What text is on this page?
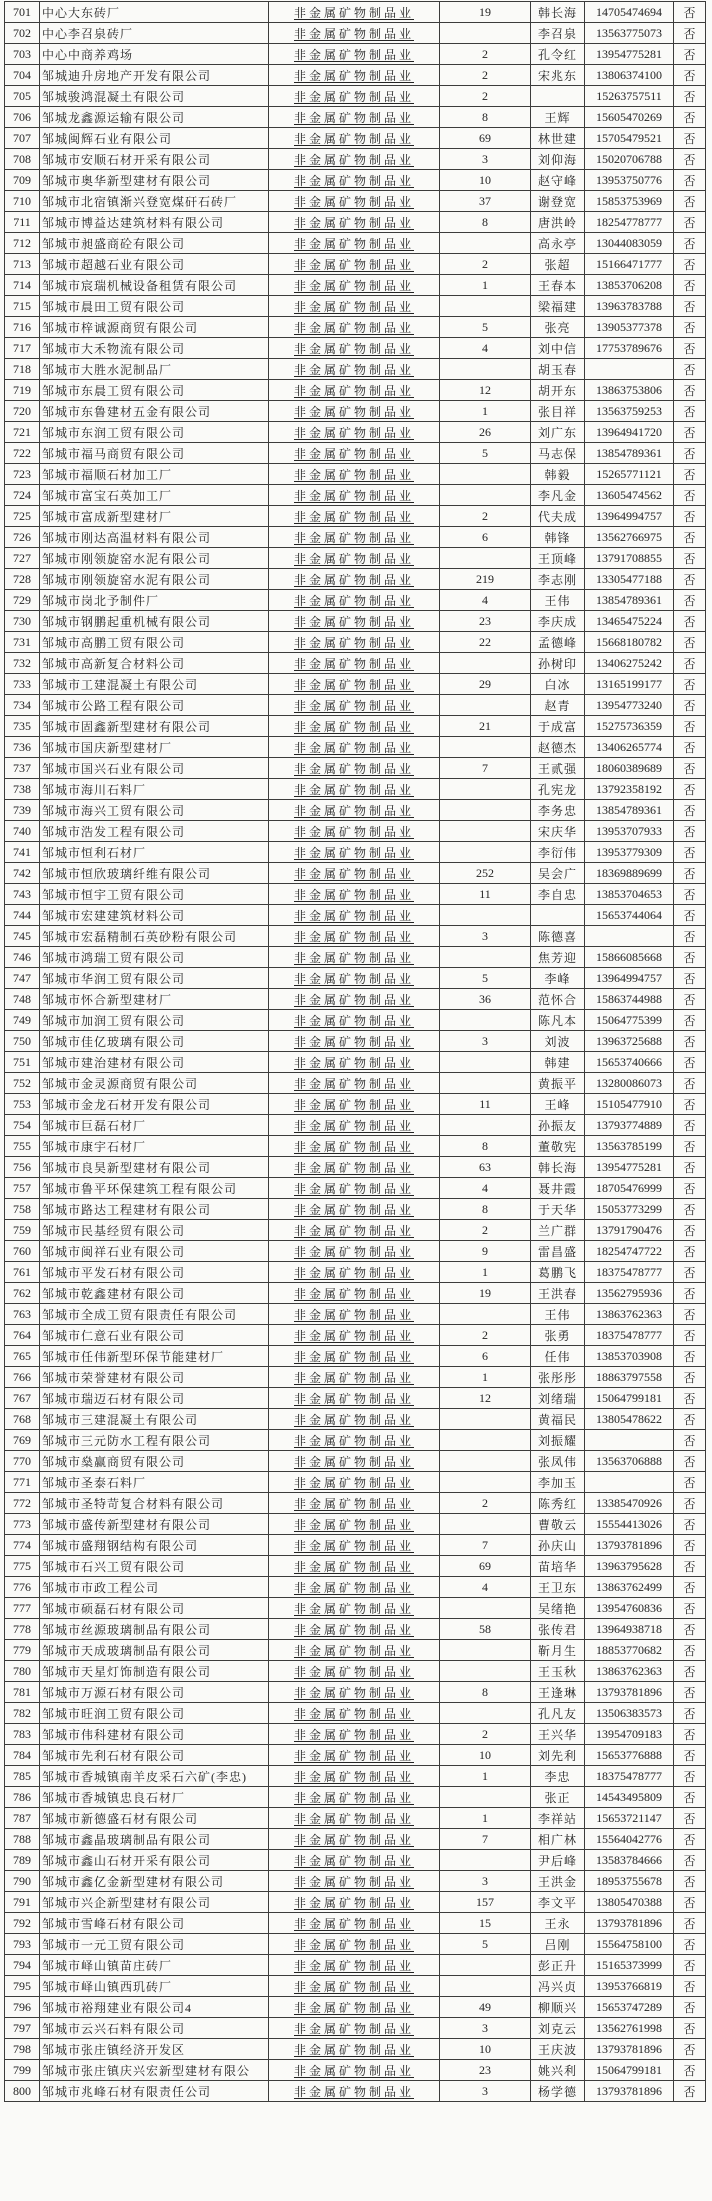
701	中心大东砖厂	非金属矿物制品业	19	韩长海	14705474694	否
702	中心李召泉砖厂	非金属矿物制品业		李召泉	13563775073	否
703	中心中商养鸡场	非金属矿物制品业	2	孔令红	13954775281	否
704	邹城迪升房地产开发有限公司	非金属矿物制品业	2	宋兆东	13806374100	否
705	邹城骏鸿混凝土有限公司	非金属矿物制品业	2		15263757511	否
706	邹城龙鑫源运输有限公司	非金属矿物制品业	8	王辉	15605470269	否
707	邹城闽辉石业有限公司	非金属矿物制品业	69	林世建	15705479521	否
708	邹城市安顺石材开采有限公司	非金属矿物制品业	3	刘仰海	15020706788	否
709	邹城市奥华新型建材有限公司	非金属矿物制品业	10	赵守峰	13953750776	否
710	邹城市北宿镇渐兴登宽煤矸石砖厂	非金属矿物制品业	37	谢登宽	15853753969	否
711	邹城市博益达建筑材料有限公司	非金属矿物制品业	8	唐洪岭	18254778777	否
712	邹城市昶盛商砼有限公司	非金属矿物制品业		高永亭	13044083059	否
713	邹城市超越石业有限公司	非金属矿物制品业	2	张超	15166471777	否
714	邹城市宸瑞机械设备租赁有限公司	非金属矿物制品业	1	王春本	13853706208	否
715	邹城市晨田工贸有限公司	非金属矿物制品业		梁福建	13963783788	否
716	邹城市梓诚源商贸有限公司	非金属矿物制品业	5	张亮	13905377378	否
717	邹城市大禾物流有限公司	非金属矿物制品业	4	刘中信	17753789676	否
718	邹城市大胜水泥制品厂	非金属矿物制品业		胡玉春		否
719	邹城市东晨工贸有限公司	非金属矿物制品业	12	胡开东	13863753806	否
720	邹城市东鲁建材五金有限公司	非金属矿物制品业	1	张目祥	13563759253	否
721	邹城市东润工贸有限公司	非金属矿物制品业	26	刘广东	13964941720	否
722	邹城市福马商贸有限公司	非金属矿物制品业	5	马志保	13854789361	否
723	邹城市福顺石材加工厂	非金属矿物制品业		韩毅	15265771121	否
724	邹城市富宝石英加工厂	非金属矿物制品业		李凡金	13605474562	否
725	邹城市富成新型建材厂	非金属矿物制品业	2	代夫成	13964994757	否
726	邹城市刚达高温材料有限公司	非金属矿物制品业	6	韩锋	13562766975	否
727	邹城市刚领旋窑水泥有限公司	非金属矿物制品业		王顶峰	13791708855	否
728	邹城市刚领旋窑水泥有限公司	非金属矿物制品业	219	李志刚	13305477188	否
729	邹城市岗北予制件厂	非金属矿物制品业	4	王伟	13854789361	否
730	邹城市钢鹏起重机械有限公司	非金属矿物制品业	23	李庆成	13465475224	否
731	邹城市高鹏工贸有限公司	非金属矿物制品业	22	孟德峰	15668180782	否
732	邹城市高新复合材料公司	非金属矿物制品业		孙树印	13406275242	否
733	邹城市工建混凝土有限公司	非金属矿物制品业	29	白冰	13165199177	否
734	邹城市公路工程有限公司	非金属矿物制品业		赵青	13954773240	否
735	邹城市固鑫新型建材有限公司	非金属矿物制品业	21	于成富	15275736359	否
736	邹城市国庆新型建材厂	非金属矿物制品业		赵德杰	13406265774	否
737	邹城市国兴石业有限公司	非金属矿物制品业	7	王贰强	18060389689	否
738	邹城市海川石料厂	非金属矿物制品业		孔宪龙	13792358192	否
739	邹城市海兴工贸有限公司	非金属矿物制品业		李务忠	13854789361	否
740	邹城市浩发工程有限公司	非金属矿物制品业		宋庆华	13953707933	否
741	邹城市恒利石材厂	非金属矿物制品业		李衍伟	13953779309	否
742	邹城市恒欣玻璃纤维有限公司	非金属矿物制品业	252	吴会广	18369889699	否
743	邹城市恒宇工贸有限公司	非金属矿物制品业	11	李自忠	13853704653	否
744	邹城市宏建建筑材料公司	非金属矿物制品业			15653744064	否
745	邹城市宏磊精制石英砂粉有限公司	非金属矿物制品业	3	陈德喜		否
746	邹城市鸿瑞工贸有限公司	非金属矿物制品业		焦芳迎	15866085668	否
747	邹城市华润工贸有限公司	非金属矿物制品业	5	李峰	13964994757	否
748	邹城市怀合新型建材厂	非金属矿物制品业	36	范怀合	15863744988	否
749	邹城市加润工贸有限公司	非金属矿物制品业		陈凡本	15064775399	否
750	邹城市佳亿玻璃有限公司	非金属矿物制品业	3	刘波	13963725688	否
751	邹城市建治建材有限公司	非金属矿物制品业		韩建	15653740666	否
752	邹城市金灵源商贸有限公司	非金属矿物制品业		黄振平	13280086073	否
753	邹城市金龙石材开发有限公司	非金属矿物制品业	11	王峰	15105477910	否
754	邹城市巨磊石材厂	非金属矿物制品业		孙振友	13793774889	否
755	邹城市康宇石材厂	非金属矿物制品业	8	董敬宪	13563785199	否
756	邹城市良昊新型建材有限公司	非金属矿物制品业	63	韩长海	13954775281	否
757	邹城市鲁平环保建筑工程有限公司	非金属矿物制品业	4	聂井霞	18705476999	否
758	邹城市路达工程建材有限公司	非金属矿物制品业	8	于天华	15053773299	否
759	邹城市民基经贸有限公司	非金属矿物制品业	2	兰广群	13791790476	否
760	邹城市闽祥石业有限公司	非金属矿物制品业	9	雷昌盛	18254747722	否
761	邹城市平发石材有限公司	非金属矿物制品业	1	葛鹏飞	18375478777	否
762	邹城市乾鑫建材有限公司	非金属矿物制品业	19	王洪春	13562795936	否
763	邹城市全成工贸有限责任有限公司	非金属矿物制品业		王伟	13863762363	否
764	邹城市仁意石业有限公司	非金属矿物制品业	2	张勇	18375478777	否
765	邹城市任伟新型环保节能建材厂	非金属矿物制品业	6	任伟	13853703908	否
766	邹城市荣誉建材有限公司	非金属矿物制品业	1	张彤彤	18863797558	否
767	邹城市瑞迈石材有限公司	非金属矿物制品业	12	刘绪瑞	15064799181	否
768	邹城市三建混凝土有限公司	非金属矿物制品业		黄福民	13805478622	否
769	邹城市三元防水工程有限公司	非金属矿物制品业		刘振耀		否
770	邹城市燊赢商贸有限公司	非金属矿物制品业		张凤伟	13563706888	否
771	邹城市圣泰石料厂	非金属矿物制品业		李加玉		否
772	邹城市圣特苛复合材料有限公司	非金属矿物制品业	2	陈秀红	13385470926	否
773	邹城市盛传新型建材有限公司	非金属矿物制品业		曹敬云	15554413026	否
774	邹城市盛翔钢结构有限公司	非金属矿物制品业	7	孙庆山	13793781896	否
775	邹城市石兴工贸有限公司	非金属矿物制品业	69	苗培华	13963795628	否
776	邹城市市政工程公司	非金属矿物制品业	4	王卫东	13863762499	否
777	邹城市硕磊石材有限公司	非金属矿物制品业		吴绪艳	13954760836	否
778	邹城市丝源玻璃制品有限公司	非金属矿物制品业	58	张传君	13964938718	否
779	邹城市天成玻璃制品有限公司	非金属矿物制品业		靳月生	18853770682	否
780	邹城市天星灯饰制造有限公司	非金属矿物制品业		王玉秋	13863762363	否
781	邹城市万源石材有限公司	非金属矿物制品业	8	王逢琳	13793781896	否
782	邹城市旺润工贸有限公司	非金属矿物制品业		孔凡友	13506383573	否
783	邹城市伟科建材有限公司	非金属矿物制品业	2	王兴华	13954709183	否
784	邹城市先利石材有限公司	非金属矿物制品业	10	刘先利	15653776888	否
785	邹城市香城镇南羊皮采石六矿(李忠)	非金属矿物制品业	1	李忠	18375478777	否
786	邹城市香城镇忠良石材厂	非金属矿物制品业		张正	14543495809	否
787	邹城市新德盛石材有限公司	非金属矿物制品业	1	李祥站	15653721147	否
788	邹城市鑫晶玻璃制品有限公司	非金属矿物制品业	7	相广林	15564042776	否
789	邹城市鑫山石材开采有限公司	非金属矿物制品业		尹后峰	13583784666	否
790	邹城市鑫亿金新型建材有限公司	非金属矿物制品业	3	王洪金	18953755678	否
791	邹城市兴企新型建材有限公司	非金属矿物制品业	157	李文平	13805470388	否
792	邹城市雪峰石材有限公司	非金属矿物制品业	15	王永	13793781896	否
793	邹城市一元工贸有限公司	非金属矿物制品业	5	吕刚	15564758100	否
794	邹城市峄山镇苗庄砖厂	非金属矿物制品业		彭正升	15165373999	否
795	邹城市峄山镇西玑砖厂	非金属矿物制品业		冯兴贞	13953766819	否
796	邹城市裕翔建业有限公司4	非金属矿物制品业	49	柳顺兴	15653747289	否
797	邹城市云兴石料有限公司	非金属矿物制品业	3	刘克云	13562761998	否
798	邹城市张庄镇经济开发区	非金属矿物制品业	10	王庆波	13793781896	否
799	邹城市张庄镇庆兴宏新型建材有限公	非金属矿物制品业	23	姚兴利	15064799181	否
800	邹城市兆峰石材有限责任公司	非金属矿物制品业	3	杨学德	13793781896	否
